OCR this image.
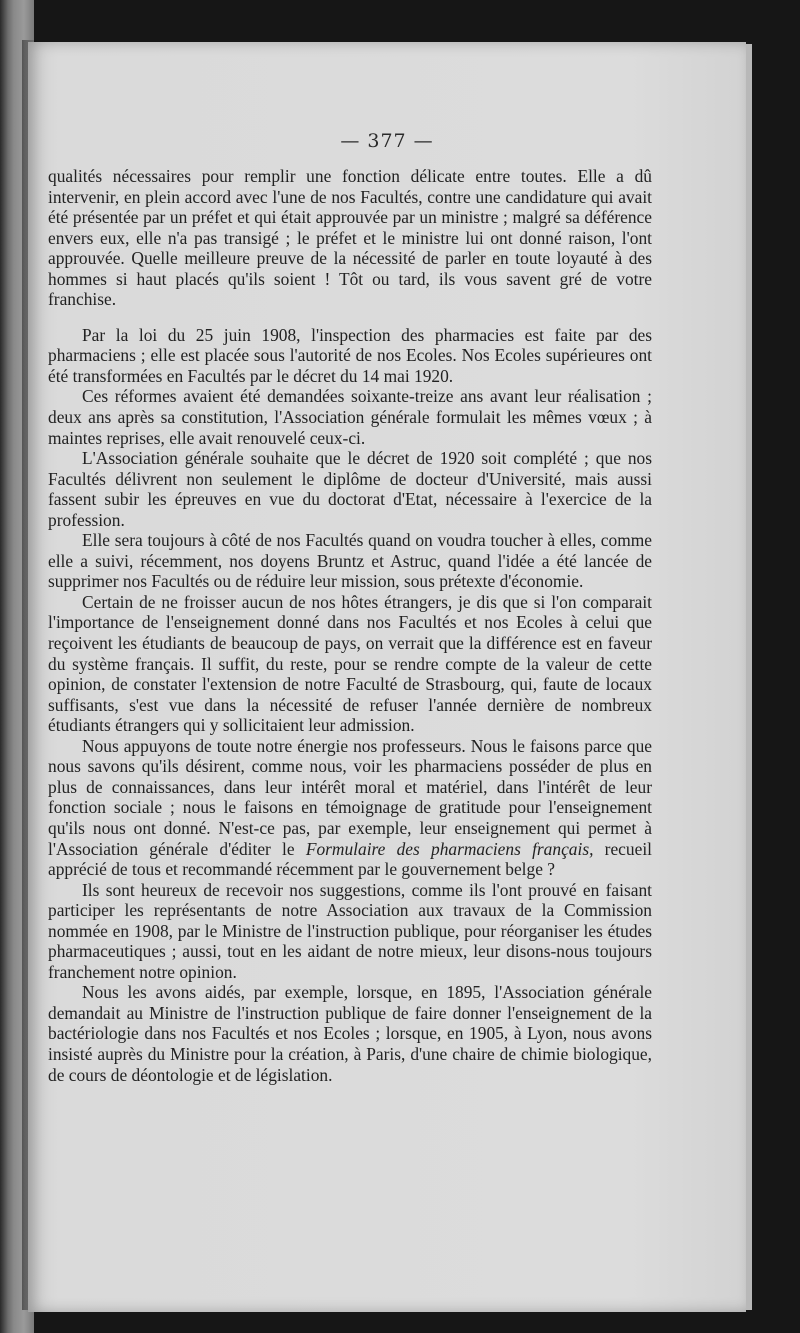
— 377 —

qualités nécessaires pour remplir une fonction délicate entre toutes. Elle a dû intervenir, en plein accord avec l'une de nos Facultés, contre une candidature qui avait été présentée par un préfet et qui était approuvée par un ministre ; malgré sa déférence envers eux, elle n'a pas transigé ; le préfet et le ministre lui ont donné raison, l'ont approuvée. Quelle meilleure preuve de la nécessité de parler en toute loyauté à des hommes si haut placés qu'ils soient ! Tôt ou tard, ils vous savent gré de votre franchise.

Par la loi du 25 juin 1908, l'inspection des pharmacies est faite par des pharmaciens ; elle est placée sous l'autorité de nos Ecoles. Nos Ecoles supérieures ont été transformées en Facultés par le décret du 14 mai 1920.

Ces réformes avaient été demandées soixante-treize ans avant leur réalisation ; deux ans après sa constitution, l'Association générale formulait les mêmes vœux ; à maintes reprises, elle avait renouvelé ceux-ci.

L'Association générale souhaite que le décret de 1920 soit complété ; que nos Facultés délivrent non seulement le diplôme de docteur d'Université, mais aussi fassent subir les épreuves en vue du doctorat d'Etat, nécessaire à l'exercice de la profession.

Elle sera toujours à côté de nos Facultés quand on voudra toucher à elles, comme elle a suivi, récemment, nos doyens Bruntz et Astruc, quand l'idée a été lancée de supprimer nos Facultés ou de réduire leur mission, sous prétexte d'économie.

Certain de ne froisser aucun de nos hôtes étrangers, je dis que si l'on comparait l'importance de l'enseignement donné dans nos Facultés et nos Ecoles à celui que reçoivent les étudiants de beaucoup de pays, on verrait que la différence est en faveur du système français. Il suffit, du reste, pour se rendre compte de la valeur de cette opinion, de constater l'extension de notre Faculté de Strasbourg, qui, faute de locaux suffisants, s'est vue dans la nécessité de refuser l'année dernière de nombreux étudiants étrangers qui y sollicitaient leur admission.

Nous appuyons de toute notre énergie nos professeurs. Nous le faisons parce que nous savons qu'ils désirent, comme nous, voir les pharmaciens posséder de plus en plus de connaissances, dans leur intérêt moral et matériel, dans l'intérêt de leur fonction sociale ; nous le faisons en témoignage de gratitude pour l'enseignement qu'ils nous ont donné. N'est-ce pas, par exemple, leur enseignement qui permet à l'Association générale d'éditer le Formulaire des pharmaciens français, recueil apprécié de tous et recommandé récemment par le gouvernement belge ?

Ils sont heureux de recevoir nos suggestions, comme ils l'ont prouvé en faisant participer les représentants de notre Association aux travaux de la Commission nommée en 1908, par le Ministre de l'instruction publique, pour réorganiser les études pharmaceutiques ; aussi, tout en les aidant de notre mieux, leur disons-nous toujours franchement notre opinion.

Nous les avons aidés, par exemple, lorsque, en 1895, l'Association générale demandait au Ministre de l'instruction publique de faire donner l'enseignement de la bactériologie dans nos Facultés et nos Ecoles ; lorsque, en 1905, à Lyon, nous avons insisté auprès du Ministre pour la création, à Paris, d'une chaire de chimie biologique, de cours de déontologie et de législation.
